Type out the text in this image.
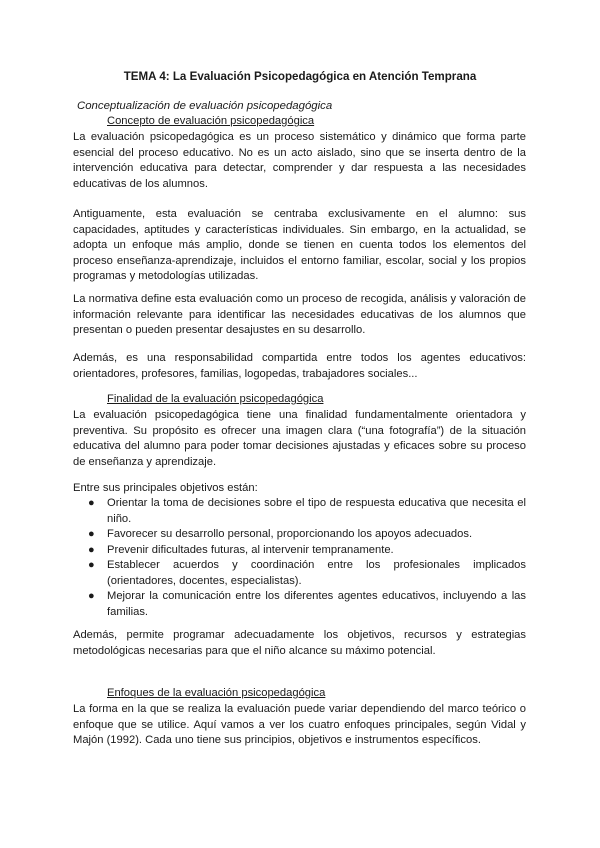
TEMA 4: La Evaluación Psicopedagógica en Atención Temprana
Conceptualización de evaluación psicopedagógica
Concepto de evaluación psicopedagógica

La evaluación psicopedagógica es un proceso sistemático y dinámico que forma parte esencial del proceso educativo. No es un acto aislado, sino que se inserta dentro de la intervención educativa para detectar, comprender y dar respuesta a las necesidades educativas de los alumnos.

Antiguamente, esta evaluación se centraba exclusivamente en el alumno: sus capacidades, aptitudes y características individuales. Sin embargo, en la actualidad, se adopta un enfoque más amplio, donde se tienen en cuenta todos los elementos del proceso enseñanza-aprendizaje, incluidos el entorno familiar, escolar, social y los propios programas y metodologías utilizadas.

La normativa define esta evaluación como un proceso de recogida, análisis y valoración de información relevante para identificar las necesidades educativas de los alumnos que presentan o pueden presentar desajustes en su desarrollo.

Además, es una responsabilidad compartida entre todos los agentes educativos: orientadores, profesores, familias, logopedas, trabajadores sociales...

Finalidad de la evaluación psicopedagógica

La evaluación psicopedagógica tiene una finalidad fundamentalmente orientadora y preventiva. Su propósito es ofrecer una imagen clara (“una fotografía”) de la situación educativa del alumno para poder tomar decisiones ajustadas y eficaces sobre su proceso de enseñanza y aprendizaje.

Entre sus principales objetivos están:

● Orientar la toma de decisiones sobre el tipo de respuesta educativa que necesita el niño.
● Favorecer su desarrollo personal, proporcionando los apoyos adecuados.
● Prevenir dificultades futuras, al intervenir tempranamente.
● Establecer acuerdos y coordinación entre los profesionales implicados (orientadores, docentes, especialistas).
● Mejorar la comunicación entre los diferentes agentes educativos, incluyendo a las familias.

Además, permite programar adecuadamente los objetivos, recursos y estrategias metodológicas necesarias para que el niño alcance su máximo potencial.

Enfoques de la evaluación psicopedagógica

La forma en la que se realiza la evaluación puede variar dependiendo del marco teórico o enfoque que se utilice. Aquí vamos a ver los cuatro enfoques principales, según Vidal y Majón (1992). Cada uno tiene sus principios, objetivos e instrumentos específicos.
